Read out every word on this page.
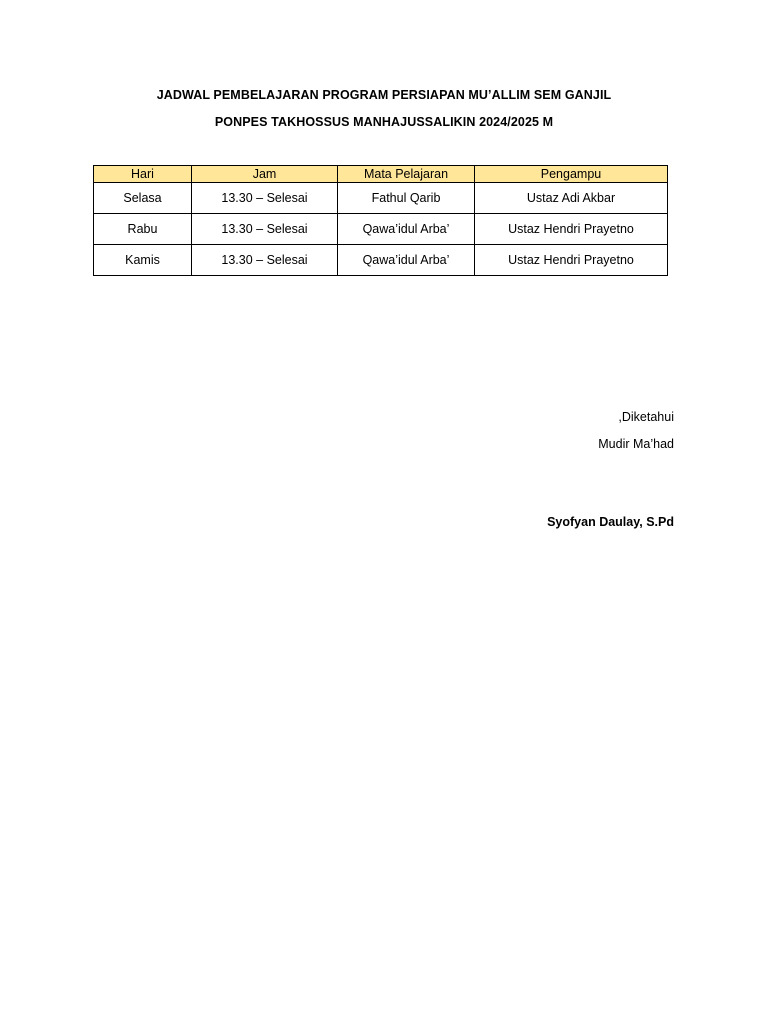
JADWAL PEMBELAJARAN PROGRAM PERSIAPAN MU’ALLIM SEM GANJIL
PONPES TAKHOSSUS MANHAJUSSALIKIN 2024/2025 M
Hari	Jam	Mata Pelajaran	Pengampu
Selasa	13.30 – Selesai	Fathul Qarib	Ustaz Adi Akbar
Rabu	13.30 – Selesai	Qawa’idul Arba’	Ustaz Hendri Prayetno
Kamis	13.30 – Selesai	Qawa’idul Arba’	Ustaz Hendri Prayetno
,Diketahui
Mudir Ma’had
Syofyan Daulay, S.Pd
